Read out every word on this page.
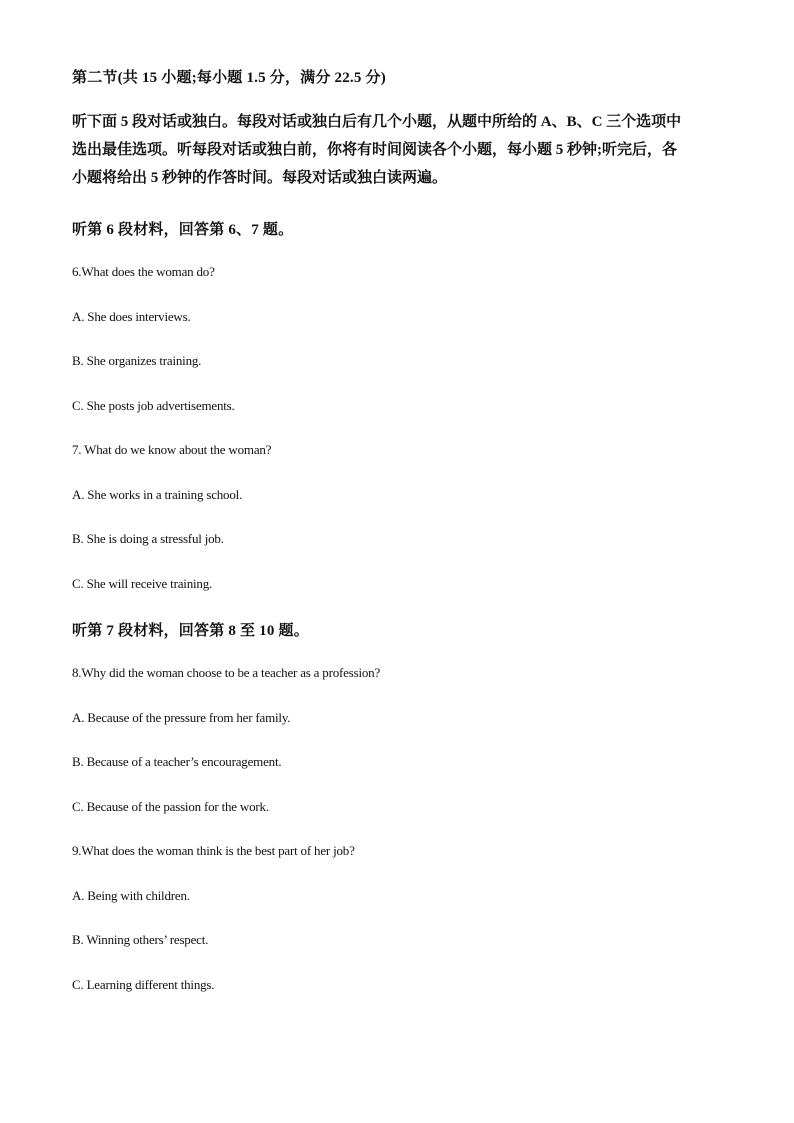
第二节(共 15 小题;每小题 1.5 分，满分 22.5 分)
听下面 5 段对话或独白。每段对话或独白后有几个小题，从题中所给的 A、B、C 三个选项中
选出最佳选项。听每段对话或独白前，你将有时间阅读各个小题，每小题 5 秒钟;听完后，各
小题将给出 5 秒钟的作答时间。每段对话或独白读两遍。
听第 6 段材料，回答第 6、7 题。
6.What does the woman do?
A. She does interviews.
B. She organizes training.
C. She posts job advertisements.
7. What do we know about the woman?
A. She works in a training school.
B. She is doing a stressful job.
C. She will receive training.
听第 7 段材料，回答第 8 至 10 题。
8.Why did the woman choose to be a teacher as a profession?
A. Because of the pressure from her family.
B. Because of a teacher’s encouragement.
C. Because of the passion for the work.
9.What does the woman think is the best part of her job?
A. Being with children.
B. Winning others’ respect.
C. Learning different things.
